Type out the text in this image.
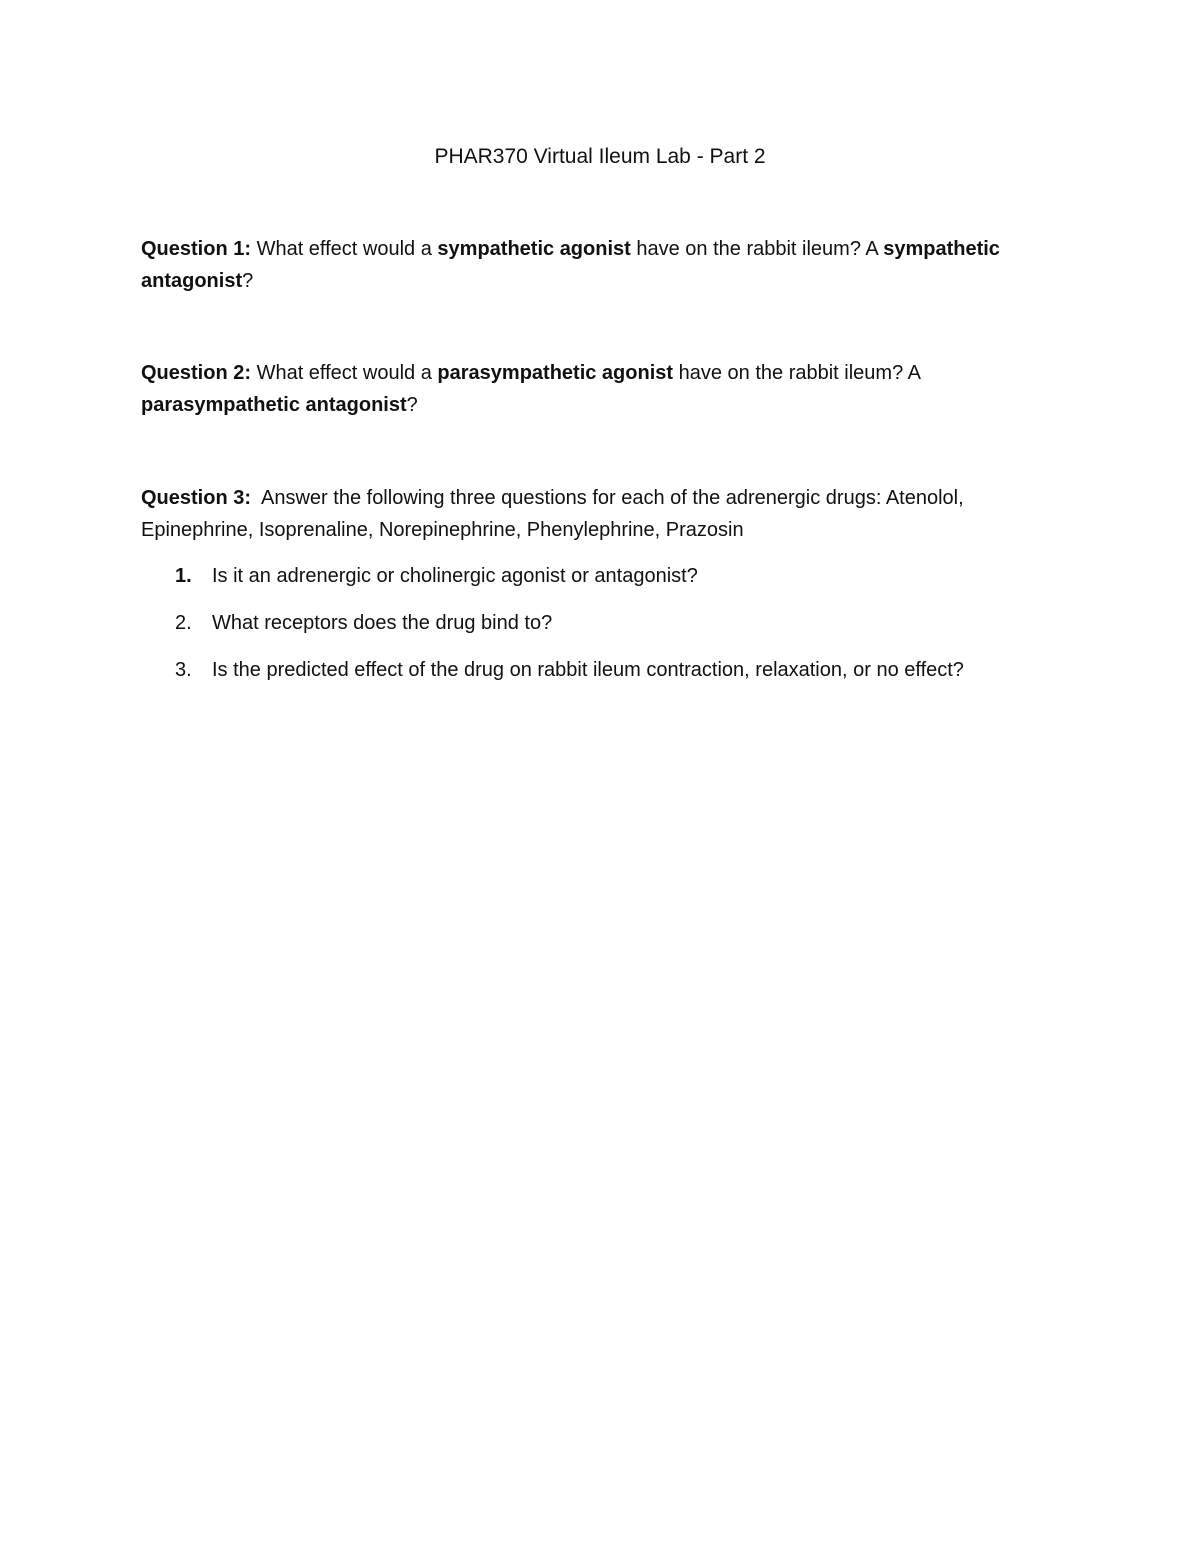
PHAR370 Virtual Ileum Lab - Part 2
Question 1: What effect would a sympathetic agonist have on the rabbit ileum? A sympathetic antagonist?
Question 2: What effect would a parasympathetic agonist have on the rabbit ileum? A parasympathetic antagonist?
Question 3:  Answer the following three questions for each of the adrenergic drugs: Atenolol, Epinephrine, Isoprenaline, Norepinephrine, Phenylephrine, Prazosin
1. Is it an adrenergic or cholinergic agonist or antagonist?
2. What receptors does the drug bind to?
3. Is the predicted effect of the drug on rabbit ileum contraction, relaxation, or no effect?
